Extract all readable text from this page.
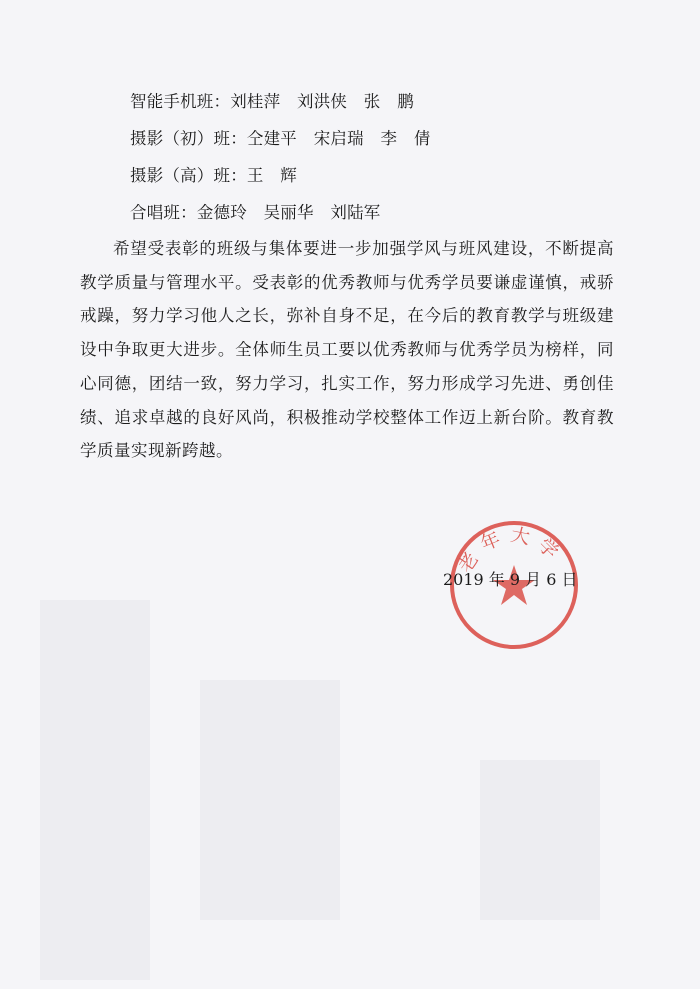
智能手机班：刘桂萍　刘洪侠　张　鹏
摄影（初）班：仝建平　宋启瑞　李　倩
摄影（高）班：王　辉
合唱班：金德玲　吴丽华　刘陆军
希望受表彰的班级与集体要进一步加强学风与班风建设，不断提高教学质量与管理水平。受表彰的优秀教师与优秀学员要谦虚谨慎，戒骄戒躁，努力学习他人之长，弥补自身不足，在今后的教育教学与班级建设中争取更大进步。全体师生员工要以优秀教师与优秀学员为榜样，同心同德，团结一致，努力学习，扎实工作，努力形成学习先进、勇创佳绩、追求卓越的良好风尚，积极推动学校整体工作迈上新台阶。教育教学质量实现新跨越。
老年大学
2019 年 9 月 6 日
